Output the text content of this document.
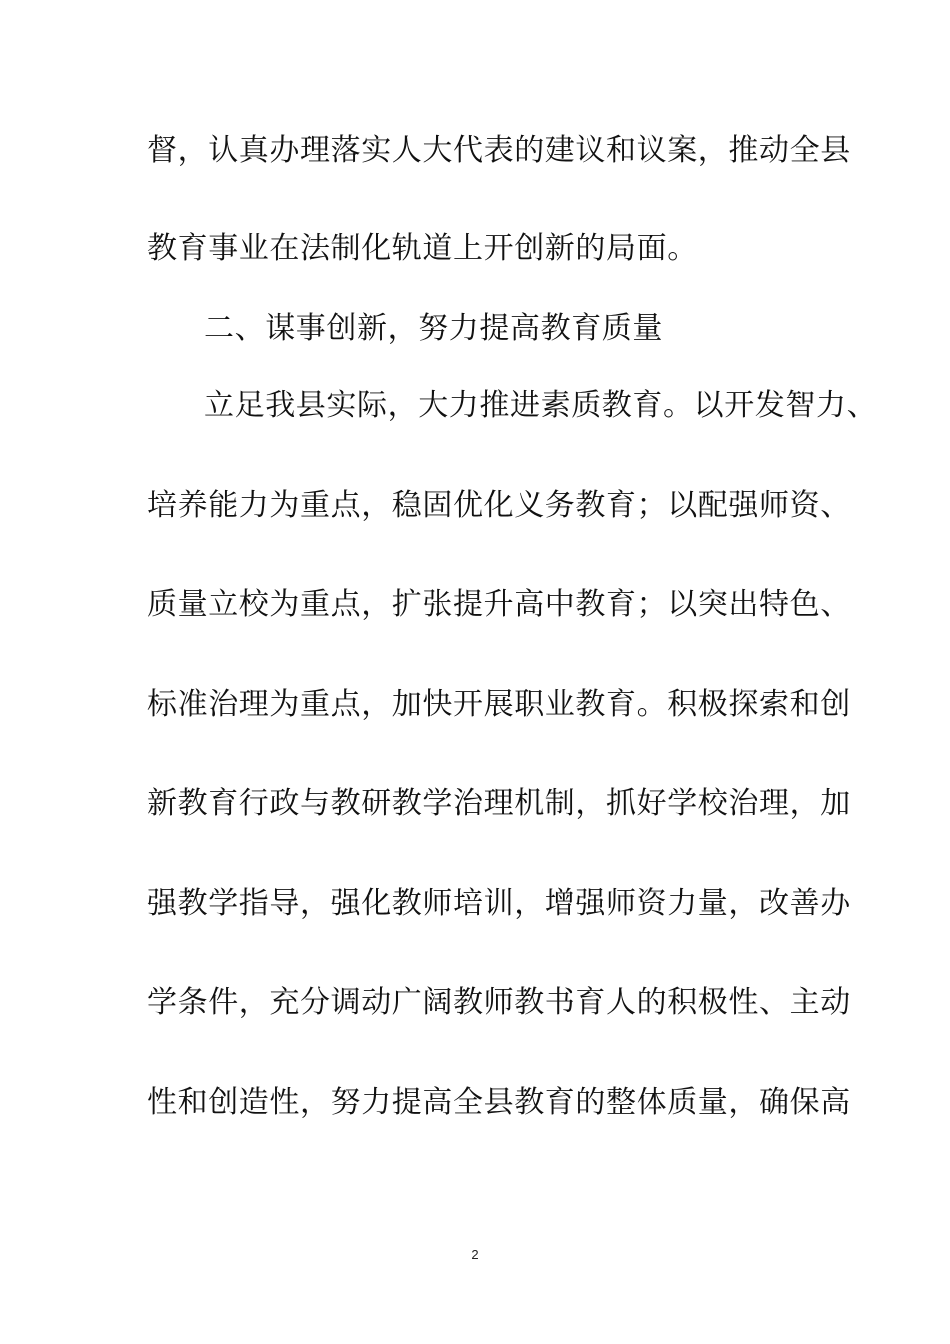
督，认真办理落实人大代表的建议和议案，推动全县
教育事业在法制化轨道上开创新的局面。
二、谋事创新，努力提高教育质量
立足我县实际，大力推进素质教育。以开发智力、
培养能力为重点，稳固优化义务教育；以配强师资、
质量立校为重点，扩张提升高中教育；以突出特色、
标准治理为重点，加快开展职业教育。积极探索和创
新教育行政与教研教学治理机制，抓好学校治理，加
强教学指导，强化教师培训，增强师资力量，改善办
学条件，充分调动广阔教师教书育人的积极性、主动
性和创造性，努力提高全县教育的整体质量，确保高
2
